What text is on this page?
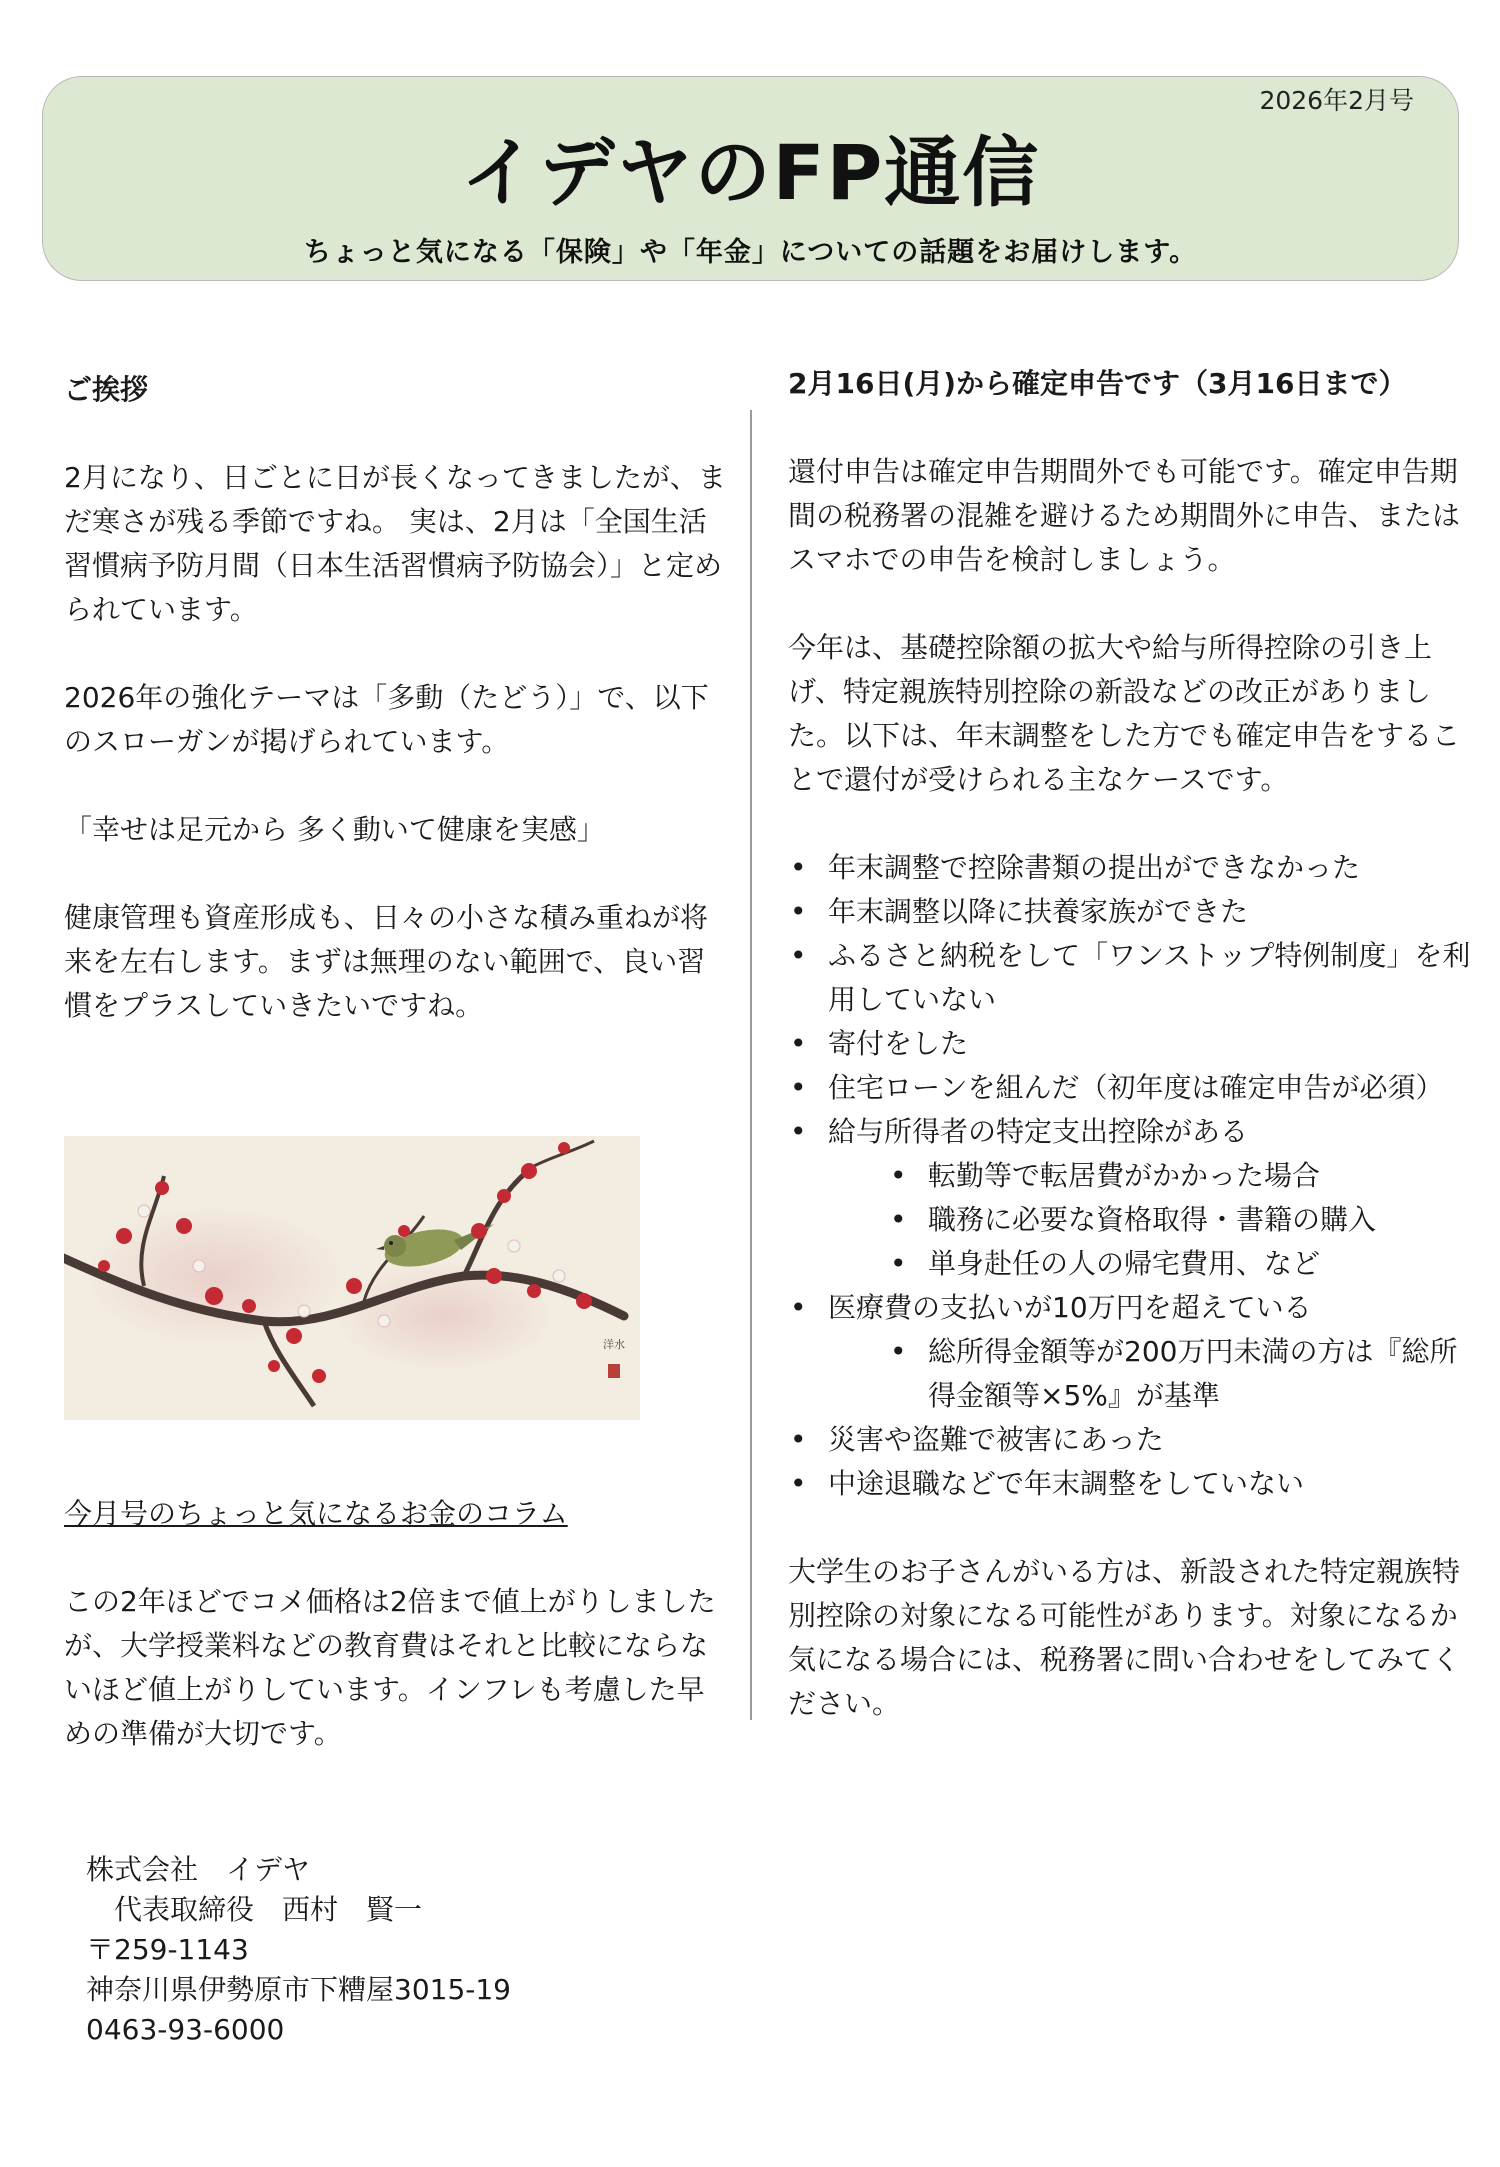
2026年2月号
イデヤのFP通信
ちょっと気になる「保険」や「年金」についての話題をお届けします。

ご挨拶

2月になり、日ごとに日が長くなってきましたが、まだ寒さが残る季節ですね。 実は、2月は「全国生活習慣病予防月間（日本生活習慣病予防協会）」と定められています。

2026年の強化テーマは「多動（たどう）」で、以下のスローガンが掲げられています。

「幸せは足元から 多く動いて健康を実感」

健康管理も資産形成も、日々の小さな積み重ねが将来を左右します。まずは無理のない範囲で、良い習慣をプラスしていきたいですね。

洋水

今月号のちょっと気になるお金のコラム

この2年ほどでコメ価格は2倍まで値上がりしましたが、大学授業料などの教育費はそれと比較にならないほど値上がりしています。インフレも考慮した早めの準備が大切です。

2月16日(月)から確定申告です（3月16日まで）

還付申告は確定申告期間外でも可能です。確定申告期間の税務署の混雑を避けるため期間外に申告、またはスマホでの申告を検討しましょう。

今年は、基礎控除額の拡大や給与所得控除の引き上げ、特定親族特別控除の新設などの改正がありました。以下は、年末調整をした方でも確定申告をすることで還付が受けられる主なケースです。

• 年末調整で控除書類の提出ができなかった
• 年末調整以降に扶養家族ができた
• ふるさと納税をして「ワンストップ特例制度」を利用していない
• 寄付をした
• 住宅ローンを組んだ（初年度は確定申告が必須）
• 給与所得者の特定支出控除がある
• 転勤等で転居費がかかった場合
• 職務に必要な資格取得・書籍の購入
• 単身赴任の人の帰宅費用、など
• 医療費の支払いが10万円を超えている
• 総所得金額等が200万円未満の方は『総所得金額等×5%』が基準
• 災害や盗難で被害にあった
• 中途退職などで年末調整をしていない

大学生のお子さんがいる方は、新設された特定親族特別控除の対象になる可能性があります。対象になるか気になる場合には、税務署に問い合わせをしてみてください。

株式会社　イデヤ
　代表取締役　西村　賢一
〒259-1143
神奈川県伊勢原市下糟屋3015-19
0463-93-6000
